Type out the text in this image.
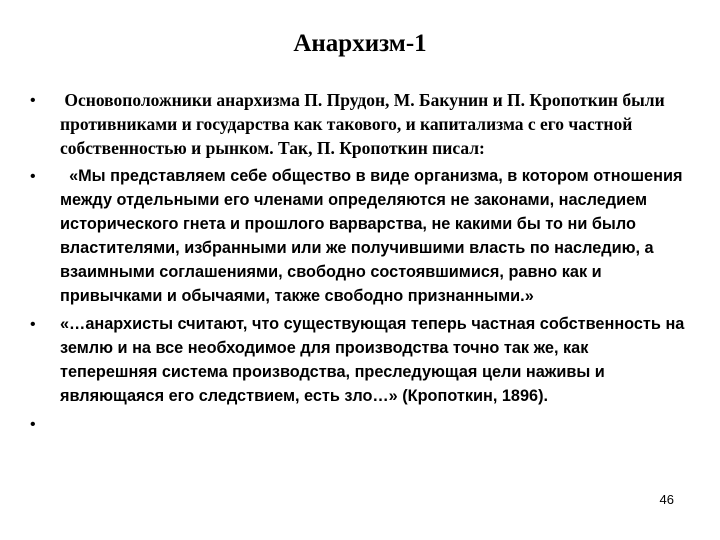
Анархизм-1
•	Основоположники анархизма П. Прудон, М. Бакунин и П. Кропоткин были противниками и государства как такового, и капитализма с его частной собственностью и рынком. Так, П. Кропоткин писал:
•	«Мы представляем себе общество в виде организма, в котором отношения между отдельными его членами определяются не законами, наследием исторического гнета и прошлого варварства, не какими бы то ни было властителями, избранными или же получившими власть по наследию, а взаимными соглашениями, свободно состоявшимися, равно как и привычками и обычаями, также свободно признанными.»
•	«…анархисты считают, что существующая теперь частная собственность на землю и на все необходимое для производства точно так же, как теперешняя система производства, преследующая цели наживы и являющаяся его следствием, есть зло…» (Кропоткин, 1896).
•
46
